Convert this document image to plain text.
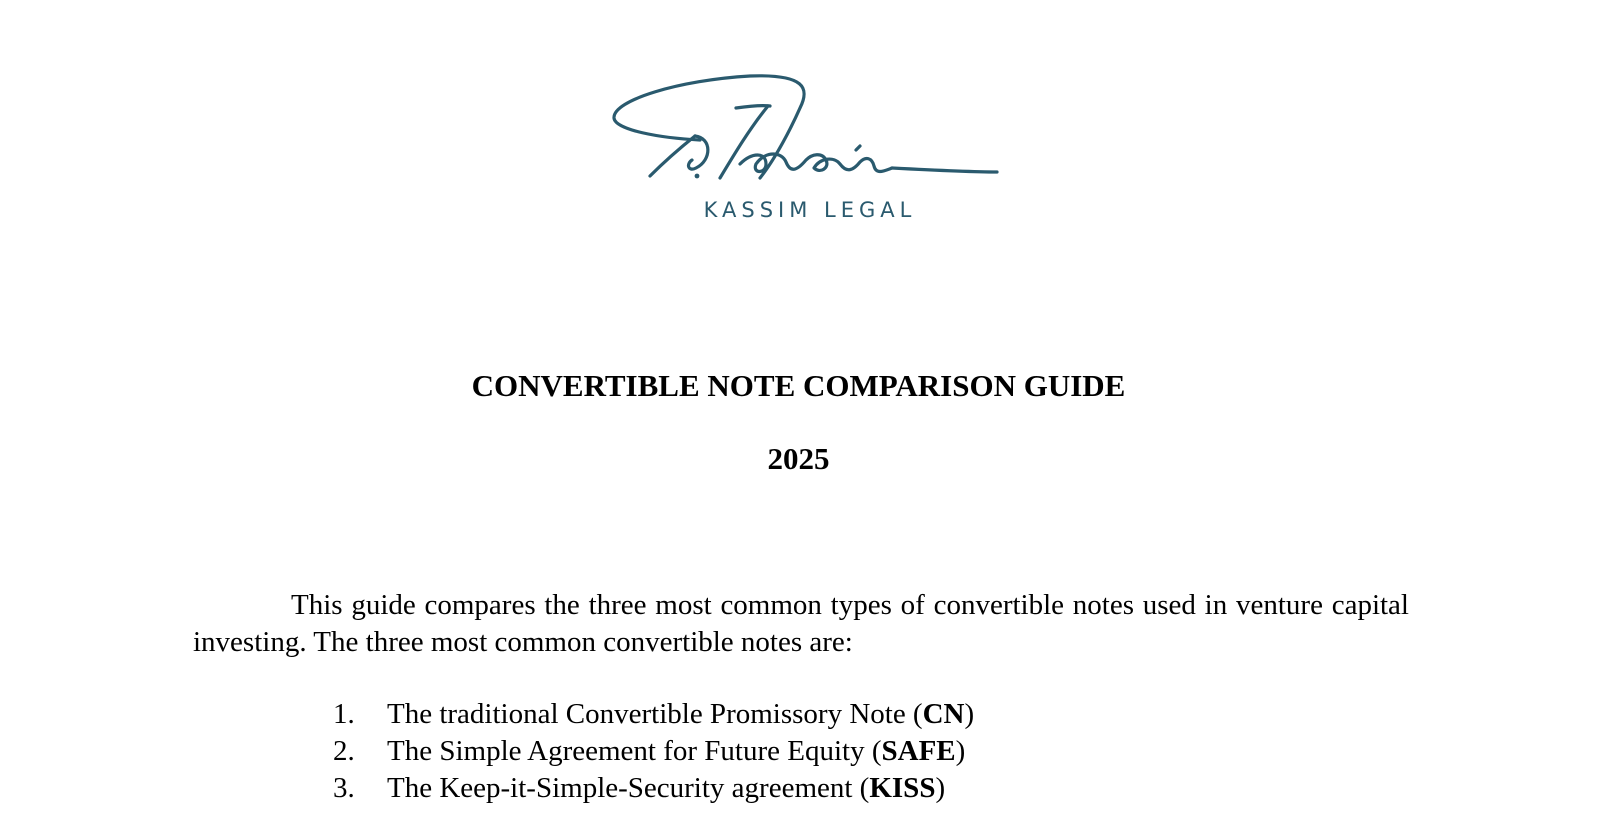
KASSIM LEGAL
CONVERTIBLE NOTE COMPARISON GUIDE
2025

This guide compares the three most common types of convertible notes used in venture capital investing. The three most common convertible notes are:

1.	The traditional Convertible Promissory Note (CN)
2.	The Simple Agreement for Future Equity (SAFE)
3.	The Keep-it-Simple-Security agreement (KISS)
